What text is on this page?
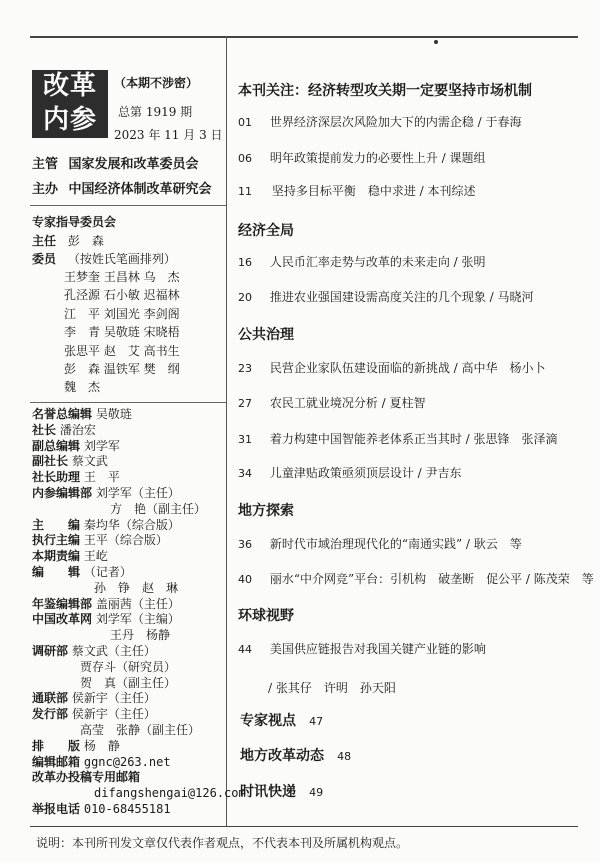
改革
内参
（本期不涉密）
总第 1919 期
2023 年 11 月 3 日
主管 国家发展和改革委员会
主办 中国经济体制改革研究会
专家指导委员会
主任 彭　森
委员 （按姓氏笔画排列）
王梦奎 王昌林 乌　杰
孔泾源 石小敏 迟福林
江　平 刘国光 李剑阁
李　青 吴敬琏 宋晓梧
张思平 赵　艾 高书生
彭　森 温铁军 樊　纲
魏　杰
名誉总编辑 吴敬琏
社长 潘治宏
副总编辑 刘学军
副社长 蔡文武
社长助理 王　平
内参编辑部 刘学军（主任）
方　艳（副主任）
主　　编 秦均华（综合版）
执行主编 王平（综合版）
本期责编 王屹
编　　辑 （记者）
孙　铮　赵　琳
年鉴编辑部 盖丽茜（主任）
中国改革网 刘学军（主编）
王丹　杨静
调研部 蔡文武（主任）
贾存斗（研究员）
贺　真（副主任）
通联部 侯新宇（主任）
发行部 侯新宇（主任）
高莹　张静（副主任）
排　　版 杨　静
编辑邮箱 ggnc@263.net
改革办投稿专用邮箱
difangshengai@126.com
举报电话 010-68455181
本刊关注：经济转型攻关期一定要坚持市场机制
01 世界经济深层次风险加大下的内需企稳 / 于春海
06 明年政策提前发力的必要性上升 / 课题组
11 坚持多目标平衡　稳中求进 / 本刊综述
经济全局
16 人民币汇率走势与改革的未来走向 / 张明
20 推进农业强国建设需高度关注的几个现象 / 马晓河
公共治理
23 民营企业家队伍建设面临的新挑战 / 高中华　杨小卜
27 农民工就业境况分析 / 夏柱智
31 着力构建中国智能养老体系正当其时 / 张思锋　张泽滴
34 儿童津贴政策亟须顶层设计 / 尹吉东
地方探索
36 新时代市域治理现代化的“南通实践” / 耿云　等
40 丽水“中介网竞”平台：引机构　破垄断　促公平 / 陈茂荣　等
环球视野
44 美国供应链报告对我国关键产业链的影响
/ 张其仔　许明　孙天阳
专家视点 47
地方改革动态 48
时讯快递 49
说明：本刊所刊发文章仅代表作者观点，不代表本刊及所属机构观点。
